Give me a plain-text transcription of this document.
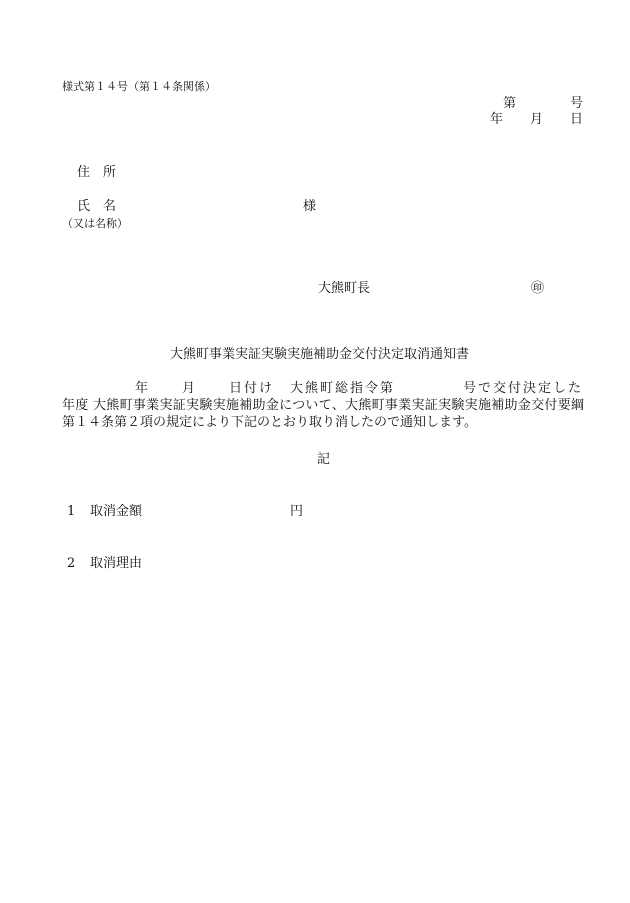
様式第１４号（第１４条関係）
第	号
年 月 日
住　所
氏　名	様
（又は名称）
大熊町長	㊞
大熊町事業実証実験実施補助金交付決定取消通知書
年	月	日付け 大熊町総指令第	号で交付決定した
年度 大熊町事業実証実験実施補助金について、大熊町事業実証実験実施補助金交付要綱
第１４条第２項の規定により下記のとおり取り消したので通知します。
記
1 取消金額	円
2 取消理由
